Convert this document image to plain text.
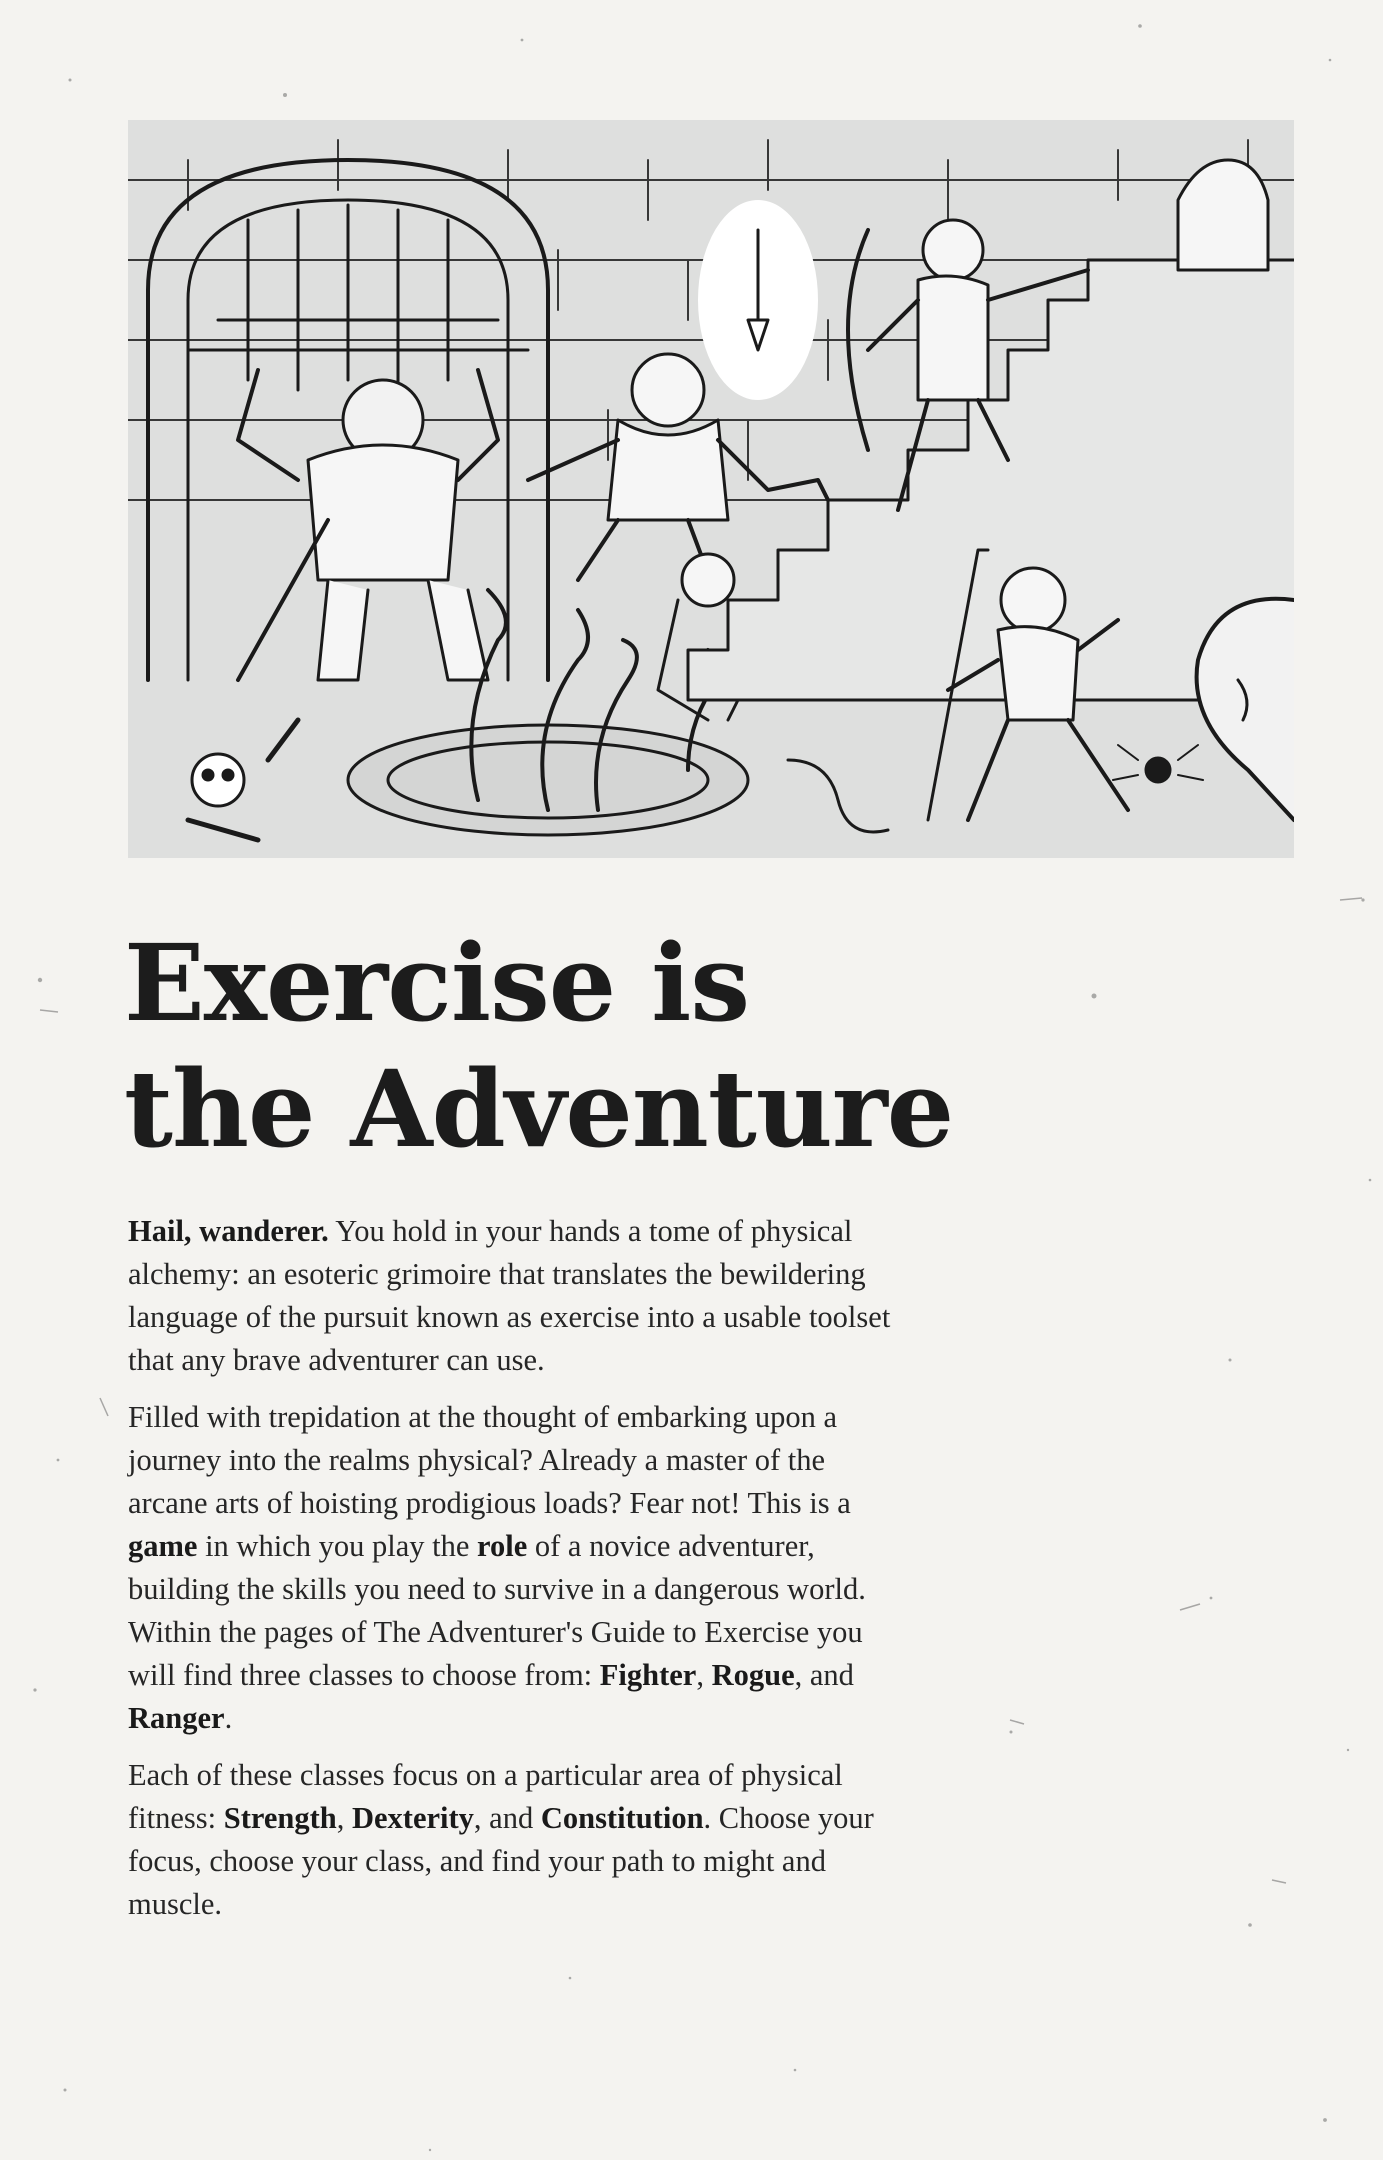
Exercise is
the Adventure

Hail, wanderer. You hold in your hands a tome of physical alchemy: an esoteric grimoire that translates the bewildering language of the pursuit known as exercise into a usable toolset that any brave adventurer can use.

Filled with trepidation at the thought of embarking upon a journey into the realms physical? Already a master of the arcane arts of hoisting prodigious loads? Fear not! This is a game in which you play the role of a novice adventurer, building the skills you need to survive in a dangerous world. Within the pages of The Adventurer's Guide to Exercise you will find three classes to choose from: Fighter, Rogue, and Ranger.

Each of these classes focus on a particular area of physical fitness: Strength, Dexterity, and Constitution. Choose your focus, choose your class, and find your path to might and muscle.
